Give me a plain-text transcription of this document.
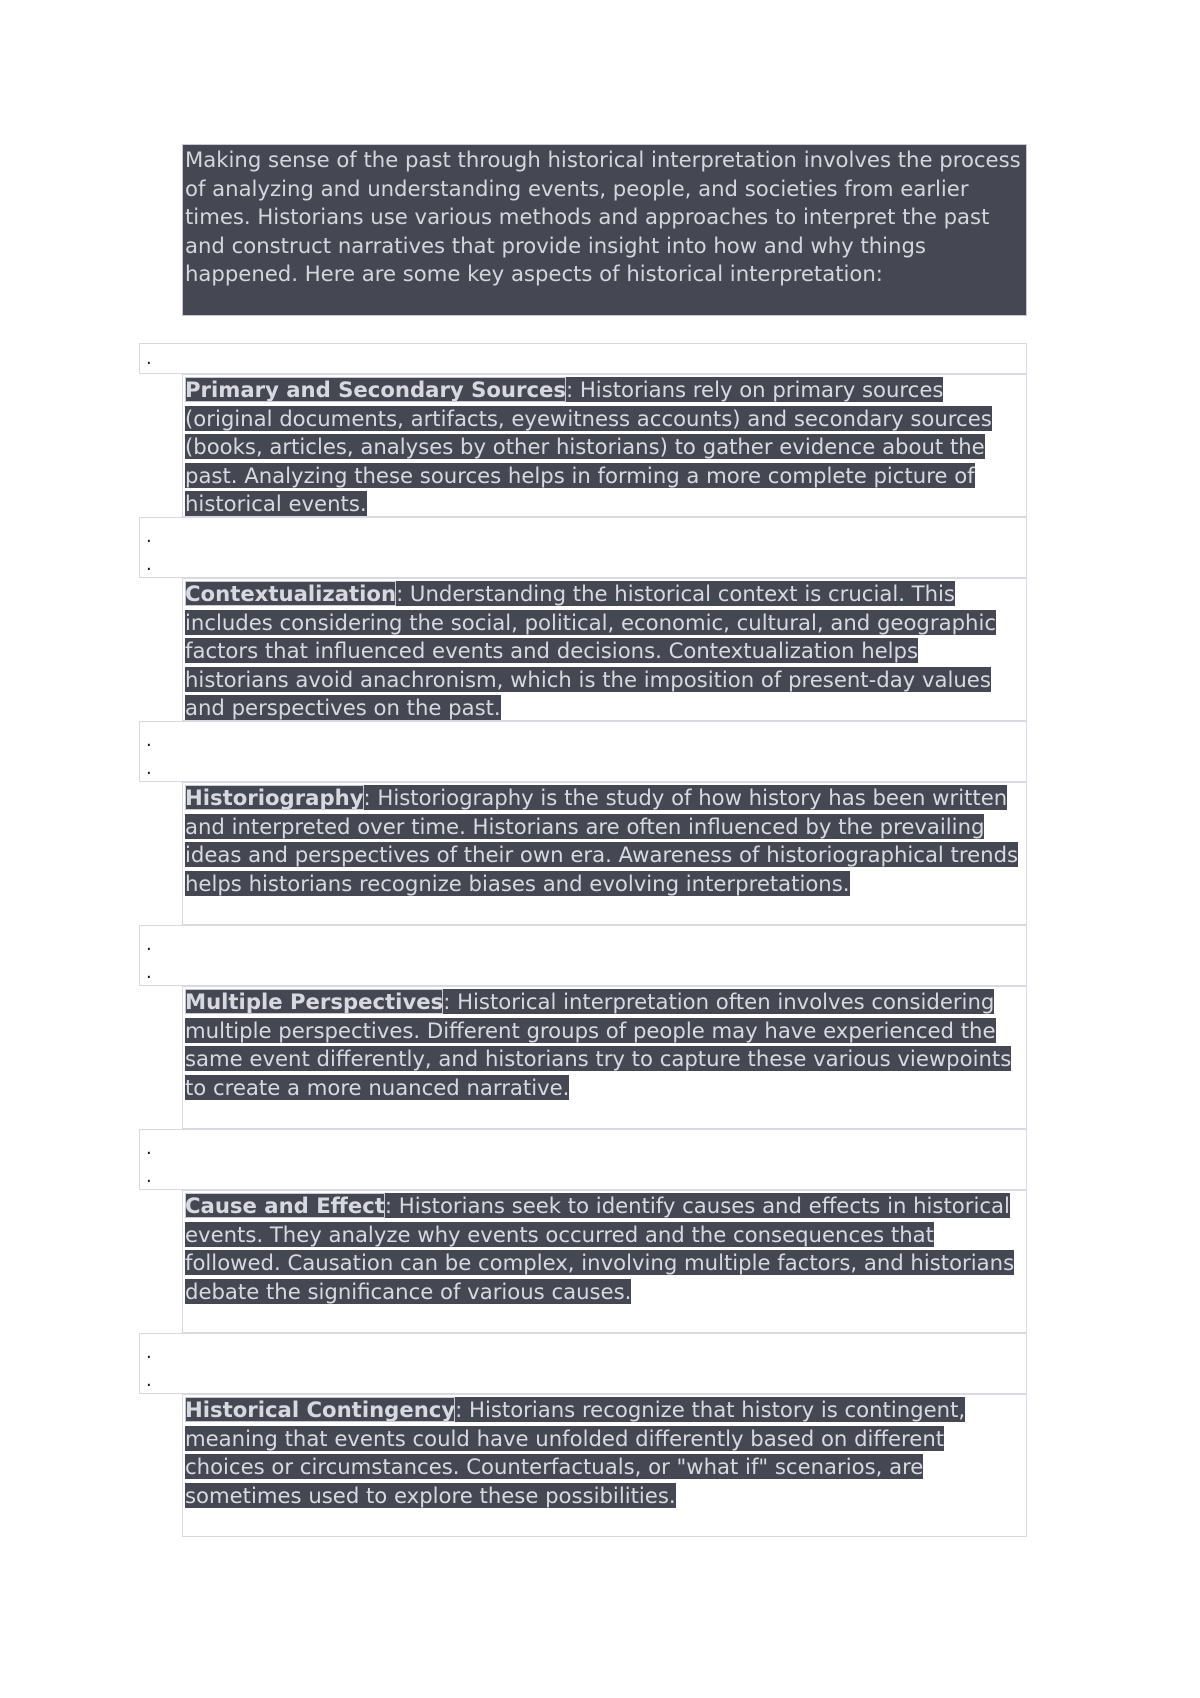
Making sense of the past through historical interpretation involves the process of analyzing and understanding events, people, and societies from earlier times. Historians use various methods and approaches to interpret the past and construct narratives that provide insight into how and why things happened. Here are some key aspects of historical interpretation:

.

Primary and Secondary Sources: Historians rely on primary sources (original documents, artifacts, eyewitness accounts) and secondary sources (books, articles, analyses by other historians) to gather evidence about the past. Analyzing these sources helps in forming a more complete picture of historical events.

.
.

Contextualization: Understanding the historical context is crucial. This includes considering the social, political, economic, cultural, and geographic factors that influenced events and decisions. Contextualization helps historians avoid anachronism, which is the imposition of present-day values and perspectives on the past.

.
.

Historiography: Historiography is the study of how history has been written and interpreted over time. Historians are often influenced by the prevailing ideas and perspectives of their own era. Awareness of historiographical trends helps historians recognize biases and evolving interpretations.

.
.

Multiple Perspectives: Historical interpretation often involves considering multiple perspectives. Different groups of people may have experienced the same event differently, and historians try to capture these various viewpoints to create a more nuanced narrative.

.
.

Cause and Effect: Historians seek to identify causes and effects in historical events. They analyze why events occurred and the consequences that followed. Causation can be complex, involving multiple factors, and historians debate the significance of various causes.

.
.

Historical Contingency: Historians recognize that history is contingent, meaning that events could have unfolded differently based on different choices or circumstances. Counterfactuals, or "what if" scenarios, are sometimes used to explore these possibilities.
